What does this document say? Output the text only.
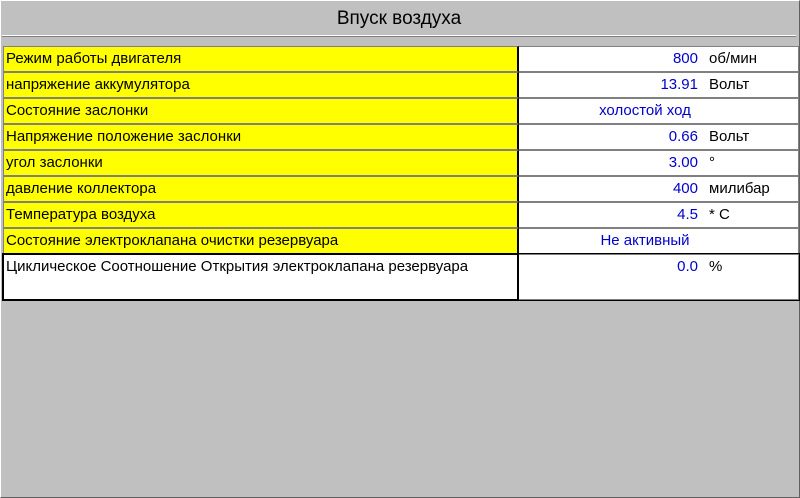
Впуск воздуха
Режим работы двигателя	800 об/мин
напряжение аккумулятора	13.91 Вольт
Состояние заслонки	холостой ход
Напряжение положение заслонки	0.66 Вольт
угол заслонки	3.00 °
давление коллектора	400 милибар
Температура воздуха	4.5 * C
Состояние электроклапана очистки резервуара	Не активный
Циклическое Соотношение Открытия электроклапана резервуара	0.0 %
